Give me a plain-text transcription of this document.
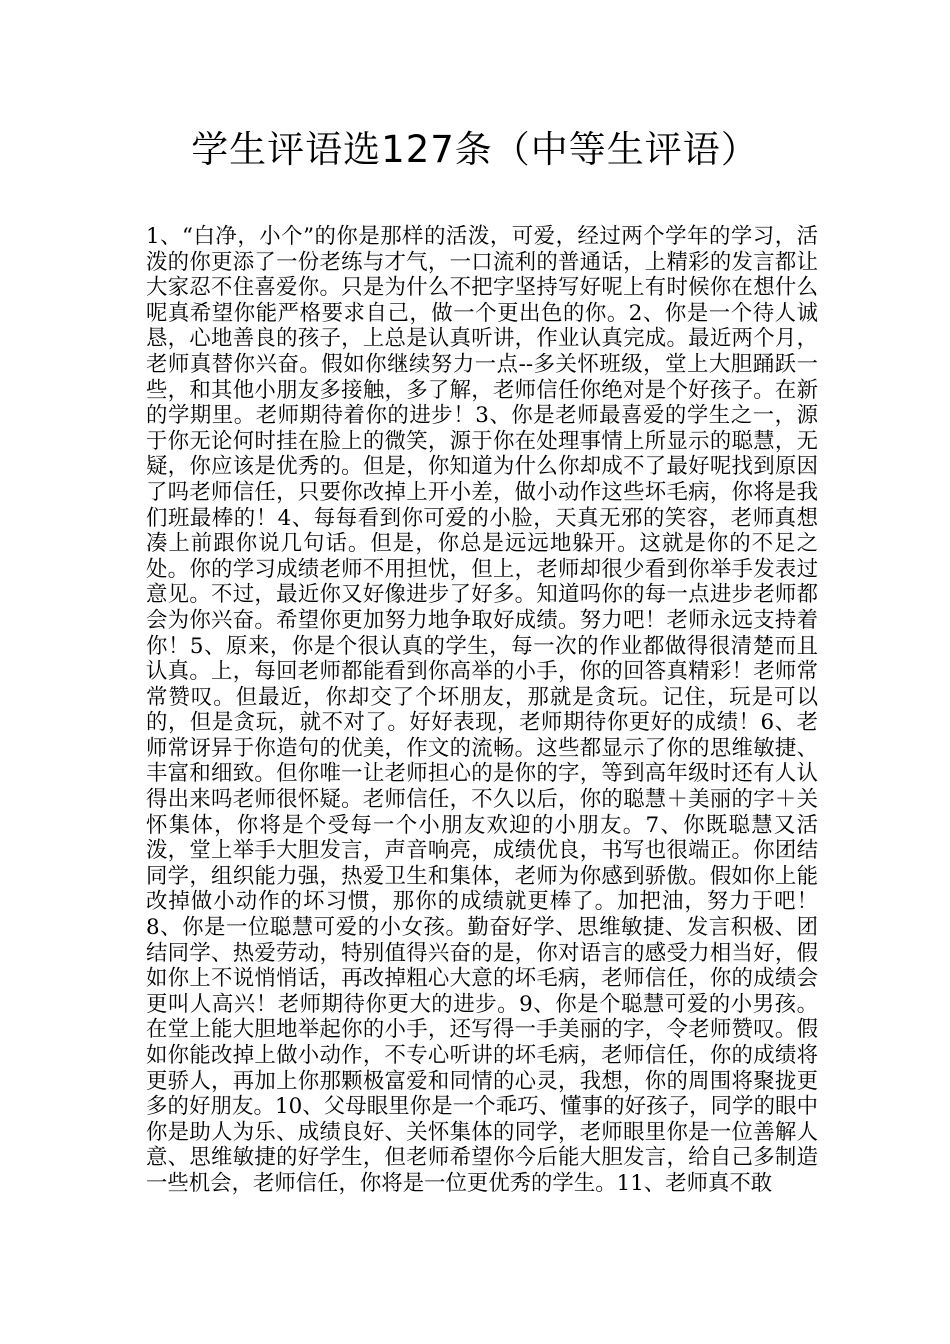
学生评语选127条（中等生评语）

1、“白净，小个”的你是那样的活泼，可爱，经过两个学年的学习，活泼的你更添了一份老练与才气，一口流利的普通话，上精彩的发言都让大家忍不住喜爱你。只是为什么不把字坚持写好呢上有时候你在想什么呢真希望你能严格要求自己，做一个更出色的你。2、你是一个待人诚恳，心地善良的孩子，上总是认真听讲，作业认真完成。最近两个月，老师真替你兴奋。假如你继续努力一点--多关怀班级，堂上大胆踊跃一些，和其他小朋友多接触，多了解，老师信任你绝对是个好孩子。在新的学期里。老师期待着你的进步！3、你是老师最喜爱的学生之一，源于你无论何时挂在脸上的微笑，源于你在处理事情上所显示的聪慧，无疑，你应该是优秀的。但是，你知道为什么你却成不了最好呢找到原因了吗老师信任，只要你改掉上开小差，做小动作这些坏毛病，你将是我们班最棒的！4、每每看到你可爱的小脸，天真无邪的笑容，老师真想凑上前跟你说几句话。但是，你总是远远地躲开。这就是你的不足之处。你的学习成绩老师不用担忧，但上，老师却很少看到你举手发表过意见。不过，最近你又好像进步了好多。知道吗你的每一点进步老师都会为你兴奋。希望你更加努力地争取好成绩。努力吧！老师永远支持着你！5、原来，你是个很认真的学生，每一次的作业都做得很清楚而且认真。上，每回老师都能看到你高举的小手，你的回答真精彩！老师常常赞叹。但最近，你却交了个坏朋友，那就是贪玩。记住，玩是可以的，但是贪玩，就不对了。好好表现，老师期待你更好的成绩！6、老师常讶异于你造句的优美，作文的流畅。这些都显示了你的思维敏捷、丰富和细致。但你唯一让老师担心的是你的字，等到高年级时还有人认得出来吗老师很怀疑。老师信任，不久以后，你的聪慧＋美丽的字＋关怀集体，你将是个受每一个小朋友欢迎的小朋友。7、你既聪慧又活泼，堂上举手大胆发言，声音响亮，成绩优良，书写也很端正。你团结同学，组织能力强，热爱卫生和集体，老师为你感到骄傲。假如你上能改掉做小动作的坏习惯，那你的成绩就更棒了。加把油，努力于吧！8、你是一位聪慧可爱的小女孩。勤奋好学、思维敏捷、发言积极、团结同学、热爱劳动，特别值得兴奋的是，你对语言的感受力相当好，假如你上不说悄悄话，再改掉粗心大意的坏毛病，老师信任，你的成绩会更叫人高兴！老师期待你更大的进步。9、你是个聪慧可爱的小男孩。在堂上能大胆地举起你的小手，还写得一手美丽的字，令老师赞叹。假如你能改掉上做小动作，不专心听讲的坏毛病，老师信任，你的成绩将更骄人，再加上你那颗极富爱和同情的心灵，我想，你的周围将聚拢更多的好朋友。10、父母眼里你是一个乖巧、懂事的好孩子，同学的眼中你是助人为乐、成绩良好、关怀集体的同学，老师眼里你是一位善解人意、思维敏捷的好学生，但老师希望你今后能大胆发言，给自己多制造一些机会，老师信任，你将是一位更优秀的学生。11、老师真不敢
